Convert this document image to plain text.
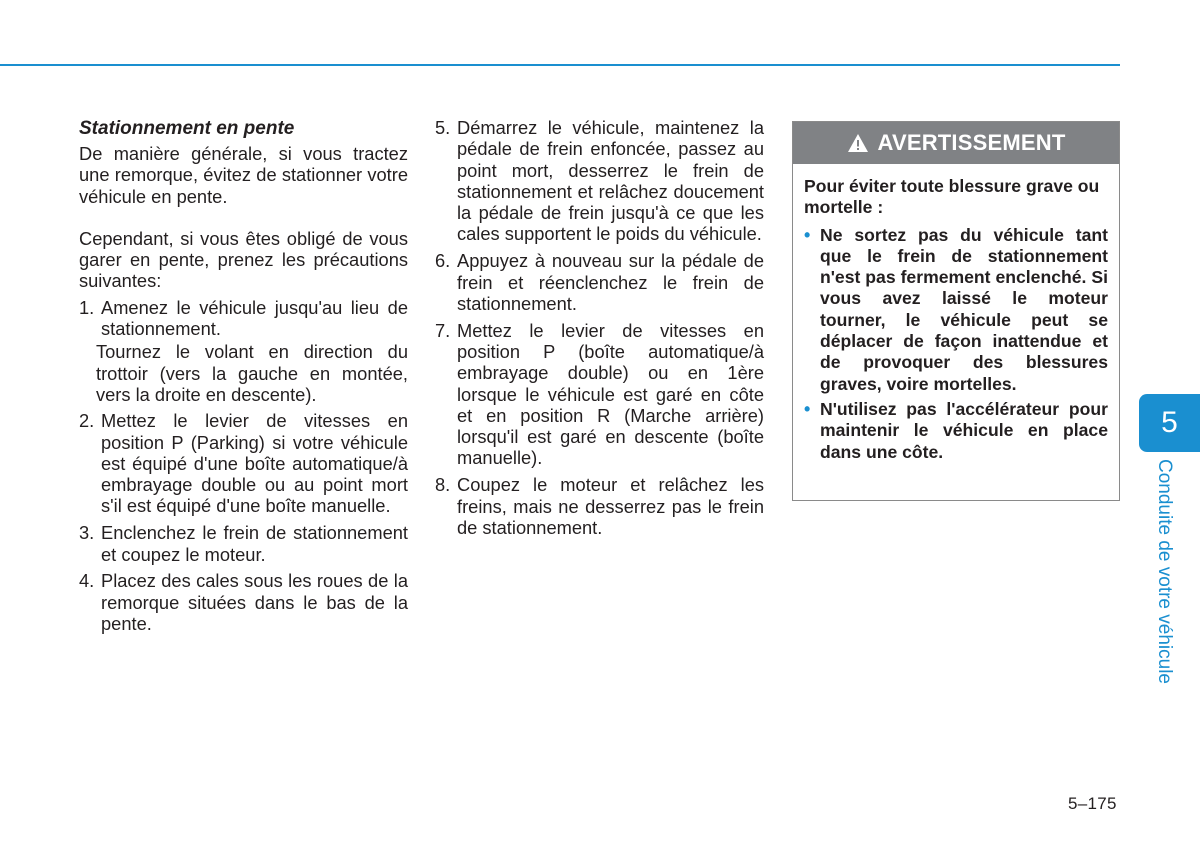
Stationnement en pente

De manière générale, si vous tractez une remorque, évitez de stationner votre véhicule en pente.

Cependant, si vous êtes obligé de vous garer en pente, prenez les précautions suivantes:

1. Amenez le véhicule jusqu'au lieu de stationnement.

Tournez le volant en direction du trottoir (vers la gauche en montée, vers la droite en descente).

2. Mettez le levier de vitesses en position P (Parking) si votre véhicule est équipé d'une boîte automatique/à embrayage double ou au point mort s'il est équipé d'une boîte manuelle.
3. Enclenchez le frein de stationnement et coupez le moteur.
4. Placez des cales sous les roues de la remorque situées dans le bas de la pente.
5. Démarrez le véhicule, maintenez la pédale de frein enfoncée, passez au point mort, desserrez le frein de stationnement et relâchez doucement la pédale de frein jusqu'à ce que les cales supportent le poids du véhicule.
6. Appuyez à nouveau sur la pédale de frein et réenclenchez le frein de stationnement.
7. Mettez le levier de vitesses en position P (boîte automatique/à embrayage double) ou en 1ère lorsque le véhicule est garé en côte et en position R (Marche arrière) lorsqu'il est garé en descente (boîte manuelle).
8. Coupez le moteur et relâchez les freins, mais ne desserrez pas le frein de stationnement.
AVERTISSEMENT

Pour éviter toute blessure grave ou mortelle :

• Ne sortez pas du véhicule tant que le frein de stationnement n'est pas fermement enclenché. Si vous avez laissé le moteur tourner, le véhicule peut se déplacer de façon inattendue et de provoquer des blessures graves, voire mortelles.
• N'utilisez pas l'accélérateur pour maintenir le véhicule en place dans une côte.
5
Conduite de votre véhicule
5–175
